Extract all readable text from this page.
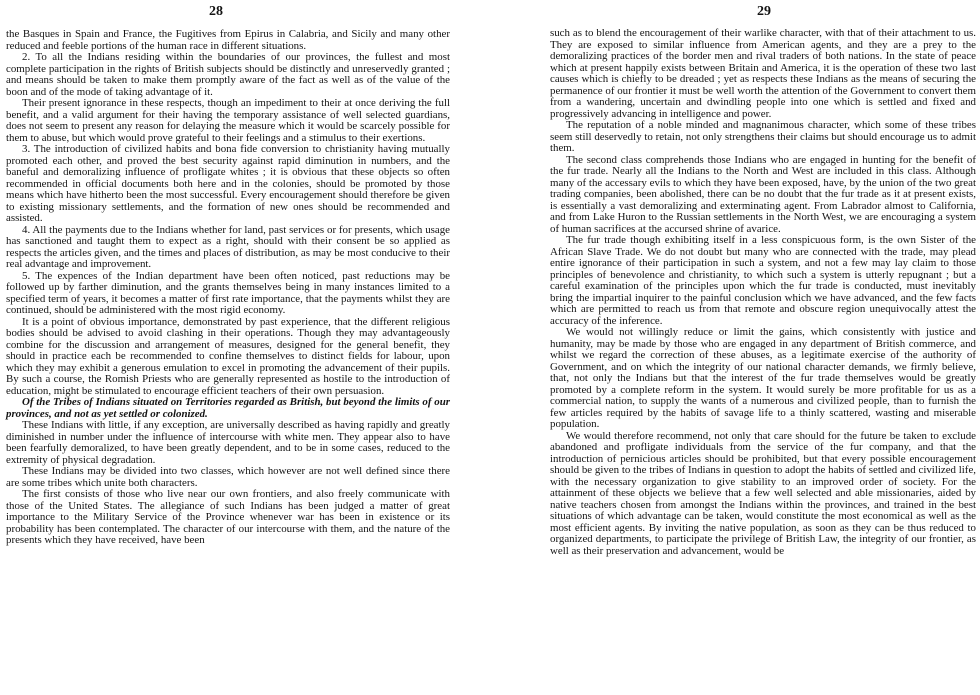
28

the Basques in Spain and France, the Fugitives from Epirus in Calabria, and Sicily and many other reduced and feeble portions of the human race in different situations.

2. To all the Indians residing within the boundaries of our provinces, the fullest and most complete participation in the rights of British subjects should be distinctly and unreservedly granted ; and means should be taken to make them promptly aware of the fact as well as of the value of the boon and of the mode of taking advantage of it.

Their present ignorance in these respects, though an impediment to their at once deriving the full benefit, and a valid argument for their having the temporary assistance of well selected guardians, does not seem to present any reason for delaying the measure which it would be scarcely possible for them to abuse, but which would prove grateful to their feelings and a stimulus to their exertions.

3. The introduction of civilized habits and bona fide conversion to christianity having mutually promoted each other, and proved the best security against rapid diminution in numbers, and the baneful and demoralizing influence of profligate whites ; it is obvious that these objects so often recommended in official documents both here and in the colonies, should be promoted by those means which have hitherto been the most successful. Every encouragement should therefore be given to existing missionary settlements, and the formation of new ones should be recommended and assisted.

4. All the payments due to the Indians whether for land, past services or for presents, which usage has sanctioned and taught them to expect as a right, should with their consent be so applied as respects the articles given, and the times and places of distribution, as may be most conducive to their real advantage and improvement.

5. The expences of the Indian department have been often noticed, past reductions may be followed up by farther diminution, and the grants themselves being in many instances limited to a specified term of years, it becomes a matter of first rate importance, that the payments whilst they are continued, should be administered with the most rigid economy.

It is a point of obvious importance, demonstrated by past experience, that the different religious bodies should be advised to avoid clashing in their operations. Though they may advantageously combine for the discussion and arrangement of measures, designed for the general benefit, they should in practice each be recommended to confine themselves to distinct fields for labour, upon which they may exhibit a generous emulation to excel in promoting the advancement of their pupils. By such a course, the Romish Priests who are generally represented as hostile to the introduction of education, might be stimulated to encourage efficient teachers of their own persuasion.

Of the Tribes of Indians situated on Territories regarded as British, but beyond the limits of our provinces, and not as yet settled or colonized.

These Indians with little, if any exception, are universally described as having rapidly and greatly diminished in number under the influence of intercourse with white men. They appear also to have been fearfully demoralized, to have been greatly dependent, and to be in some cases, reduced to the extremity of physical degradation.

These Indians may be divided into two classes, which however are not well defined since there are some tribes which unite both characters.

The first consists of those who live near our own frontiers, and also freely communicate with those of the United States. The allegiance of such Indians has been judged a matter of great importance to the Military Service of the Province whenever war has been in existence or its probability has been contemplated. The character of our intercourse with them, and the nature of the presents which they have received, have been

29

such as to blend the encouragement of their warlike character, with that of their attachment to us. They are exposed to similar influence from American agents, and they are a prey to the demoralizing practices of the border men and rival traders of both nations. In the state of peace which at present happily exists between Britain and America, it is the operation of these two last causes which is chiefly to be dreaded ; yet as respects these Indians as the means of securing the permanence of our frontier it must be well worth the attention of the Government to convert them from a wandering, uncertain and dwindling people into one which is settled and fixed and progressively advancing in intelligence and power.

The reputation of a noble minded and magnanimous character, which some of these tribes seem still deservedly to retain, not only strengthens their claims but should encourage us to admit them.

The second class comprehends those Indians who are engaged in hunting for the benefit of the fur trade. Nearly all the Indians to the North and West are included in this class. Although many of the accessary evils to which they have been exposed, have, by the union of the two great trading companies, been abolished, there can be no doubt that the fur trade as it at present exists, is essentially a vast demoralizing and exterminating agent. From Labrador almost to California, and from Lake Huron to the Russian settlements in the North West, we are encouraging a system of human sacrifices at the accursed shrine of avarice.

The fur trade though exhibiting itself in a less conspicuous form, is the own Sister of the African Slave Trade. We do not doubt but many who are connected with the trade, may plead entire ignorance of their participation in such a system, and not a few may lay claim to those principles of benevolence and christianity, to which such a system is utterly repugnant ; but a careful examination of the principles upon which the fur trade is conducted, must inevitably bring the impartial inquirer to the painful conclusion which we have advanced, and the few facts which are permitted to reach us from that remote and obscure region unequivocally attest the accuracy of the inference.

We would not willingly reduce or limit the gains, which consistently with justice and humanity, may be made by those who are engaged in any department of British commerce, and whilst we regard the correction of these abuses, as a legitimate exercise of the authority of Government, and on which the integrity of our national character demands, we firmly believe, that, not only the Indians but that the interest of the fur trade themselves would be greatly promoted by a complete reform in the system. It would surely be more profitable for us as a commercial nation, to supply the wants of a numerous and civilized people, than to furnish the few articles required by the habits of savage life to a thinly scattered, wasting and miserable population.

We would therefore recommend, not only that care should for the future be taken to exclude abandoned and profligate individuals from the service of the fur company, and that the introduction of pernicious articles should be prohibited, but that every possible encouragement should be given to the tribes of Indians in question to adopt the habits of settled and civilized life, with the necessary organization to give stability to an improved order of society. For the attainment of these objects we believe that a few well selected and able missionaries, aided by native teachers chosen from amongst the Indians within the provinces, and trained in the best situations of which advantage can be taken, would constitute the most economical as well as the most efficient agents. By inviting the native population, as soon as they can be thus reduced to organized departments, to participate the privilege of British Law, the integrity of our frontier, as well as their preservation and advancement, would be
